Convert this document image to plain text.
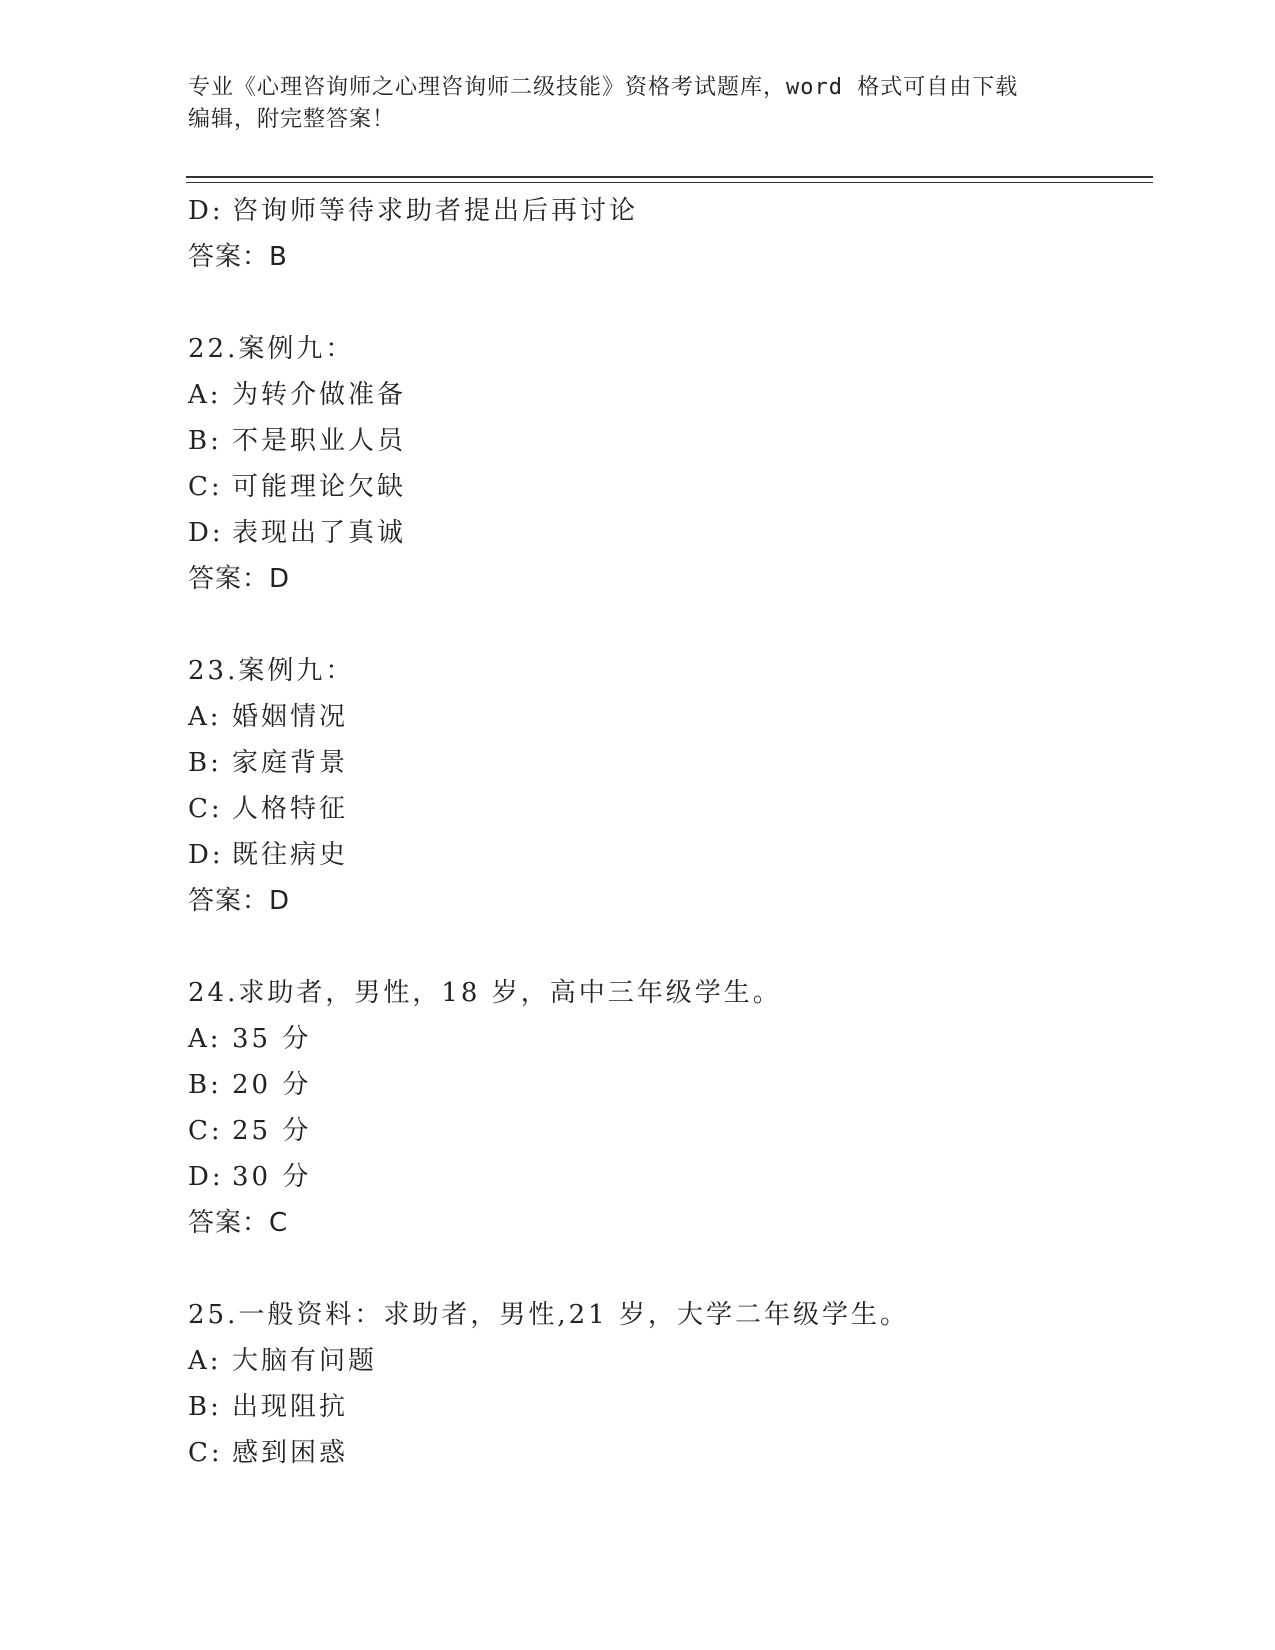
专业《心理咨询师之心理咨询师二级技能》资格考试题库，word 格式可自由下载
编辑，附完整答案！
D: 咨询师等待求助者提出后再讨论
答案：B
22.案例九：
A: 为转介做准备
B: 不是职业人员
C: 可能理论欠缺
D: 表现出了真诚
答案：D
23.案例九：
A: 婚姻情况
B: 家庭背景
C: 人格特征
D: 既往病史
答案：D
24.求助者，男性，18 岁，高中三年级学生。
A: 35 分
B: 20 分
C: 25 分
D: 30 分
答案：C
25.一般资料：求助者，男性,21 岁，大学二年级学生。
A: 大脑有问题
B: 出现阻抗
C: 感到困惑
